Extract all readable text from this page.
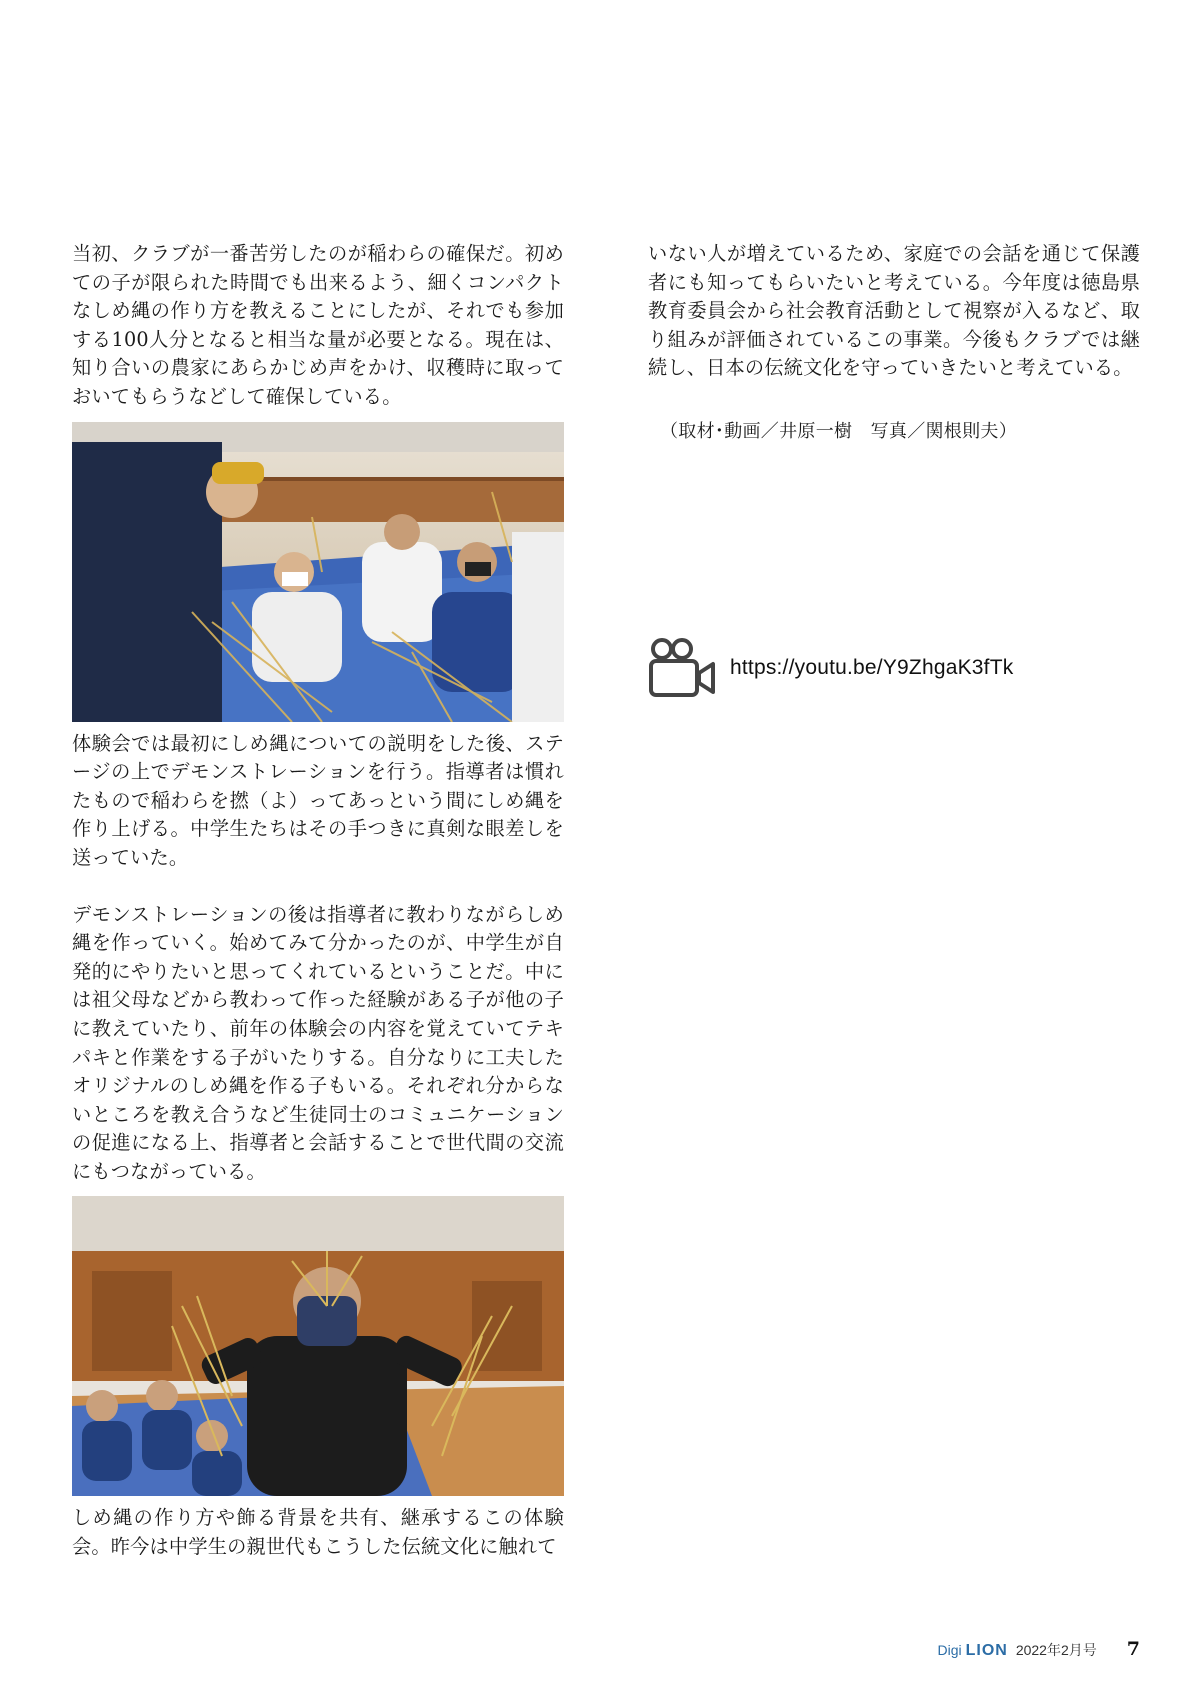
当初、クラブが一番苦労したのが稲わらの確保だ。初めての子が限られた時間でも出来るよう、細くコンパクトなしめ縄の作り方を教えることにしたが、それでも参加する100人分となると相当な量が必要となる。現在は、知り合いの農家にあらかじめ声をかけ、収穫時に取っておいてもらうなどして確保している。

体験会では最初にしめ縄についての説明をした後、ステージの上でデモンストレーションを行う。指導者は慣れたもので稲わらを撚（よ）ってあっという間にしめ縄を作り上げる。中学生たちはその手つきに真剣な眼差しを送っていた。

デモンストレーションの後は指導者に教わりながらしめ縄を作っていく。始めてみて分かったのが、中学生が自発的にやりたいと思ってくれているということだ。中には祖父母などから教わって作った経験がある子が他の子に教えていたり、前年の体験会の内容を覚えていてテキパキと作業をする子がいたりする。自分なりに工夫したオリジナルのしめ縄を作る子もいる。それぞれ分からないところを教え合うなど生徒同士のコミュニケーションの促進になる上、指導者と会話することで世代間の交流にもつながっている。

しめ縄の作り方や飾る背景を共有、継承するこの体験会。昨今は中学生の親世代もこうした伝統文化に触れて

いない人が増えているため、家庭での会話を通じて保護者にも知ってもらいたいと考えている。今年度は徳島県教育委員会から社会教育活動として視察が入るなど、取り組みが評価されているこの事業。今後もクラブでは継続し、日本の伝統文化を守っていきたいと考えている。

（取材･動画／井原一樹　写真／関根則夫）
https://youtu.be/Y9ZhgaK3fTk
Digi LION 2022年2月号 7
